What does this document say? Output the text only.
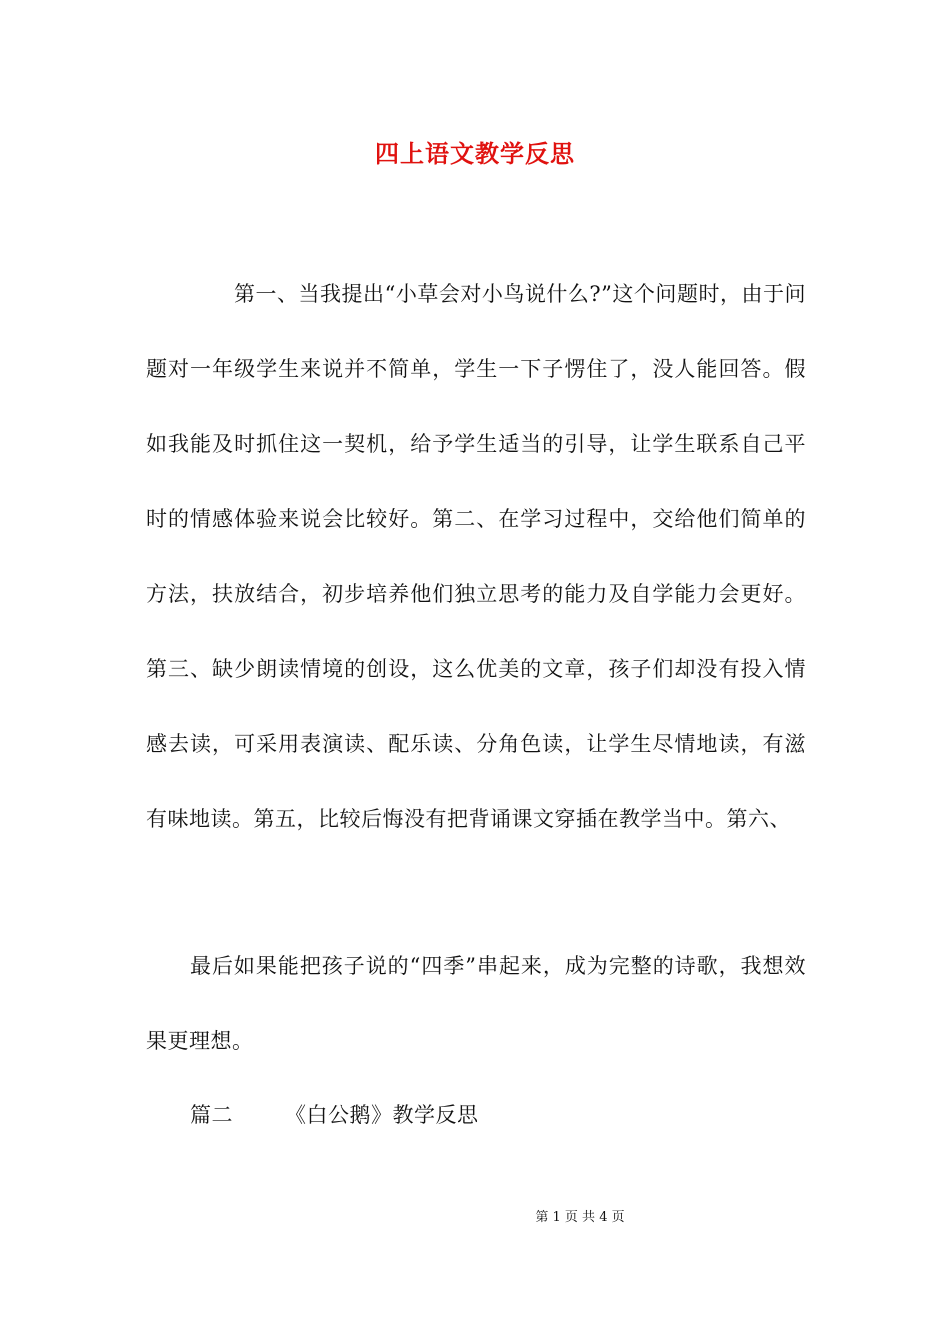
四上语文教学反思
第一、当我提出“小草会对小鸟说什么?”这个问题时，由于问题对一年级学生来说并不简单，学生一下子愣住了，没人能回答。假如我能及时抓住这一契机，给予学生适当的引导，让学生联系自己平时的情感体验来说会比较好。第二、在学习过程中，交给他们简单的方法，扶放结合，初步培养他们独立思考的能力及自学能力会更好。第三、缺少朗读情境的创设，这么优美的文章，孩子们却没有投入情感去读，可采用表演读、配乐读、分角色读，让学生尽情地读，有滋有味地读。第五，比较后悔没有把背诵课文穿插在教学当中。第六、
最后如果能把孩子说的“四季”串起来，成为完整的诗歌，我想效果更理想。
篇二 《白公鹅》教学反思
第 1 页 共 4 页
